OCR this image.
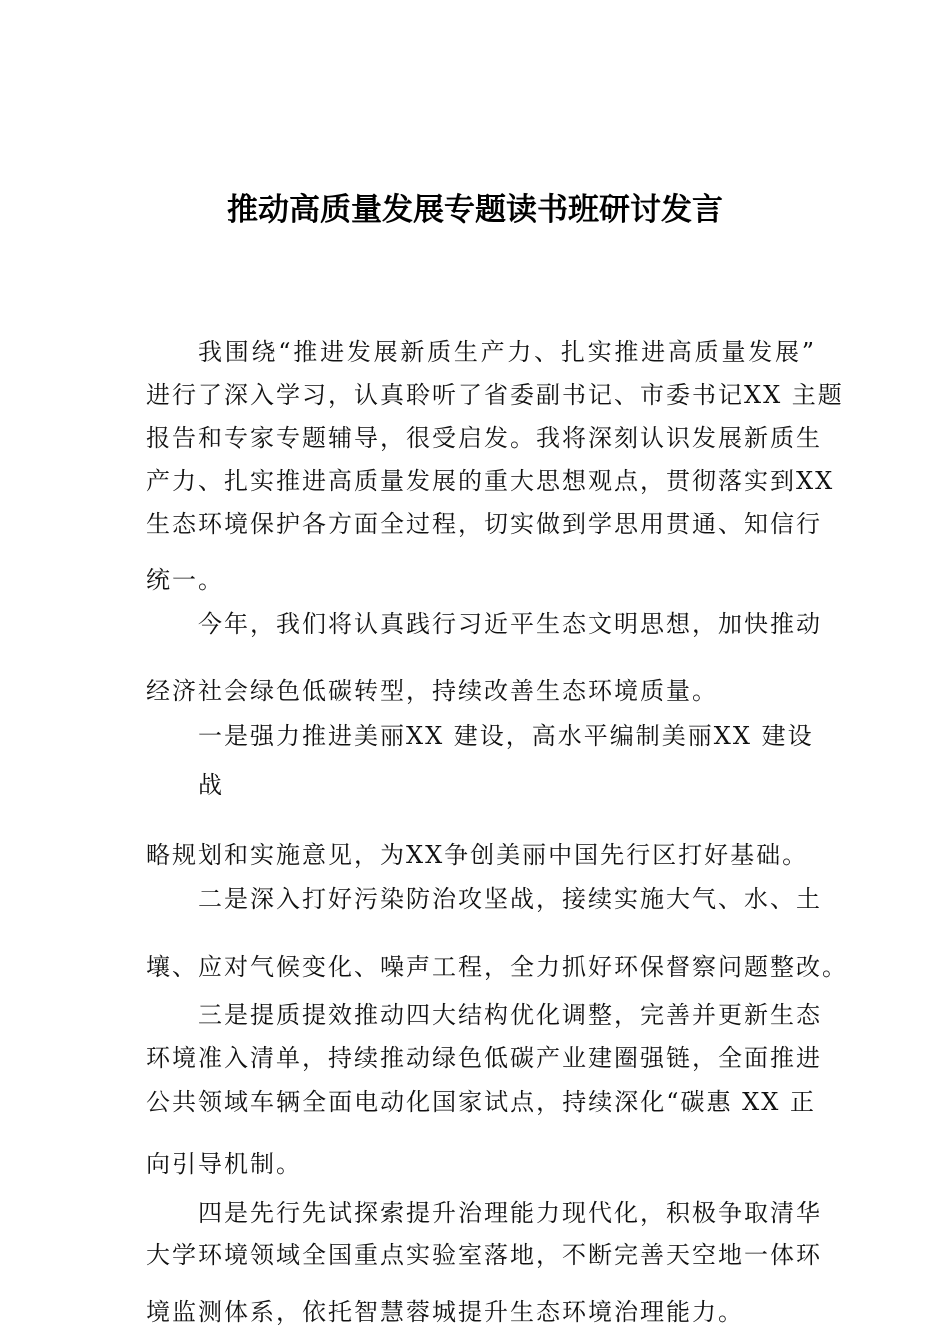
推动高质量发展专题读书班研讨发言
我围绕“推进发展新质生产力、扎实推进高质量发展”
进行了深入学习，认真聆听了省委副书记、市委书记XX 主题
报告和专家专题辅导，很受启发。我将深刻认识发展新质生
产力、扎实推进高质量发展的重大思想观点，贯彻落实到XX
生态环境保护各方面全过程，切实做到学思用贯通、知信行
统一。
今年，我们将认真践行习近平生态文明思想，加快推动
经济社会绿色低碳转型，持续改善生态环境质量。
一是强力推进美丽XX 建设，高水平编制美丽XX 建设
战
略规划和实施意见，为XX争创美丽中国先行区打好基础。
二是深入打好污染防治攻坚战，接续实施大气、水、土
壤、应对气候变化、噪声工程，全力抓好环保督察问题整改。
三是提质提效推动四大结构优化调整，完善并更新生态
环境准入清单，持续推动绿色低碳产业建圈强链，全面推进
公共领域车辆全面电动化国家试点，持续深化“碳惠 XX 正
向引导机制。
四是先行先试探索提升治理能力现代化，积极争取清华
大学环境领域全国重点实验室落地，不断完善天空地一体环
境监测体系，依托智慧蓉城提升生态环境治理能力。
